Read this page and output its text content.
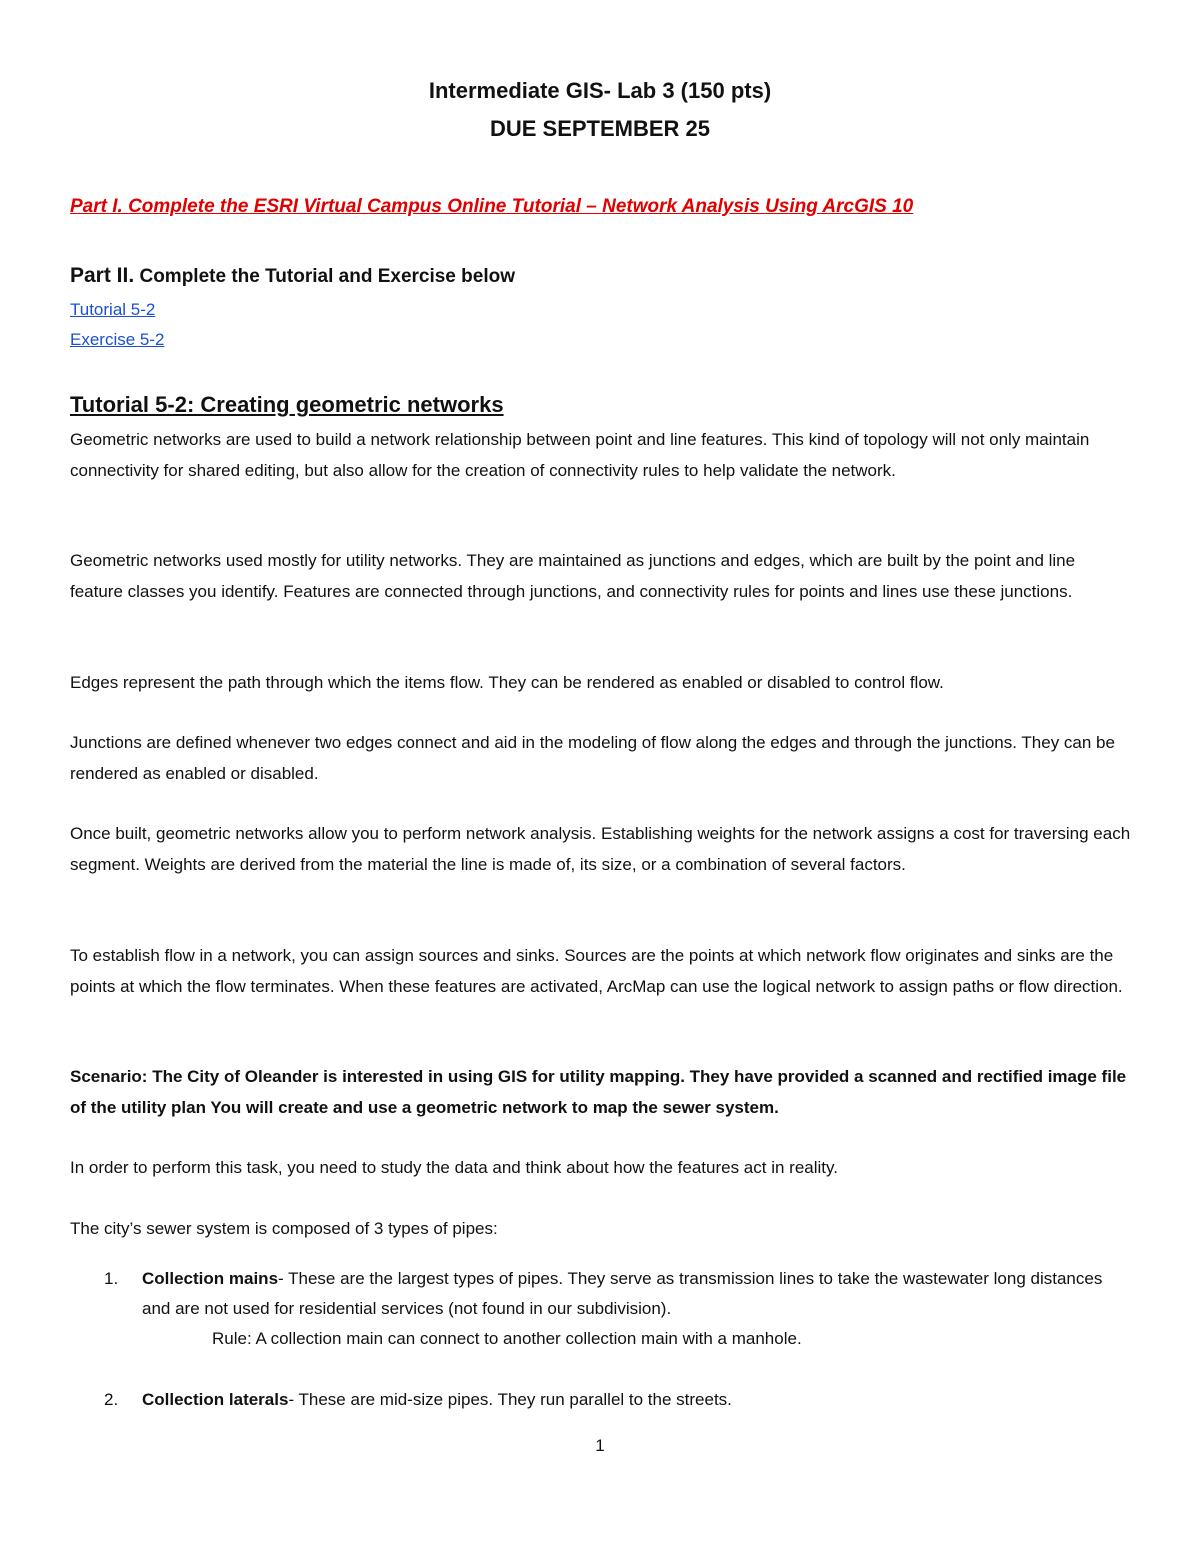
Intermediate GIS- Lab 3 (150 pts)
DUE SEPTEMBER 25
Part I. Complete the ESRI Virtual Campus Online Tutorial – Network Analysis Using ArcGIS 10
Part II. Complete the Tutorial and Exercise below
Tutorial 5-2
Exercise 5-2
Tutorial 5-2: Creating geometric networks

Geometric networks are used to build a network relationship between point and line features. This kind of topology will not only maintain connectivity for shared editing, but also allow for the creation of connectivity rules to help validate the network.

Geometric networks used mostly for utility networks. They are maintained as junctions and edges, which are built by the point and line feature classes you identify. Features are connected through junctions, and connectivity rules for points and lines use these junctions.

Edges represent the path through which the items flow. They can be rendered as enabled or disabled to control flow.

Junctions are defined whenever two edges connect and aid in the modeling of flow along the edges and through the junctions. They can be rendered as enabled or disabled.

Once built, geometric networks allow you to perform network analysis. Establishing weights for the network assigns a cost for traversing each segment. Weights are derived from the material the line is made of, its size, or a combination of several factors.

To establish flow in a network, you can assign sources and sinks. Sources are the points at which network flow originates and sinks are the points at which the flow terminates. When these features are activated, ArcMap can use the logical network to assign paths or flow direction.

Scenario: The City of Oleander is interested in using GIS for utility mapping. They have provided a scanned and rectified image file of the utility plan You will create and use a geometric network to map the sewer system.

In order to perform this task, you need to study the data and think about how the features act in reality.

The city’s sewer system is composed of 3 types of pipes:

1. Collection mains- These are the largest types of pipes. They serve as transmission lines to take the wastewater long distances and are not used for residential services (not found in our subdivision).
Rule: A collection main can connect to another collection main with a manhole.
2. Collection laterals- These are mid-size pipes. They run parallel to the streets.
1
